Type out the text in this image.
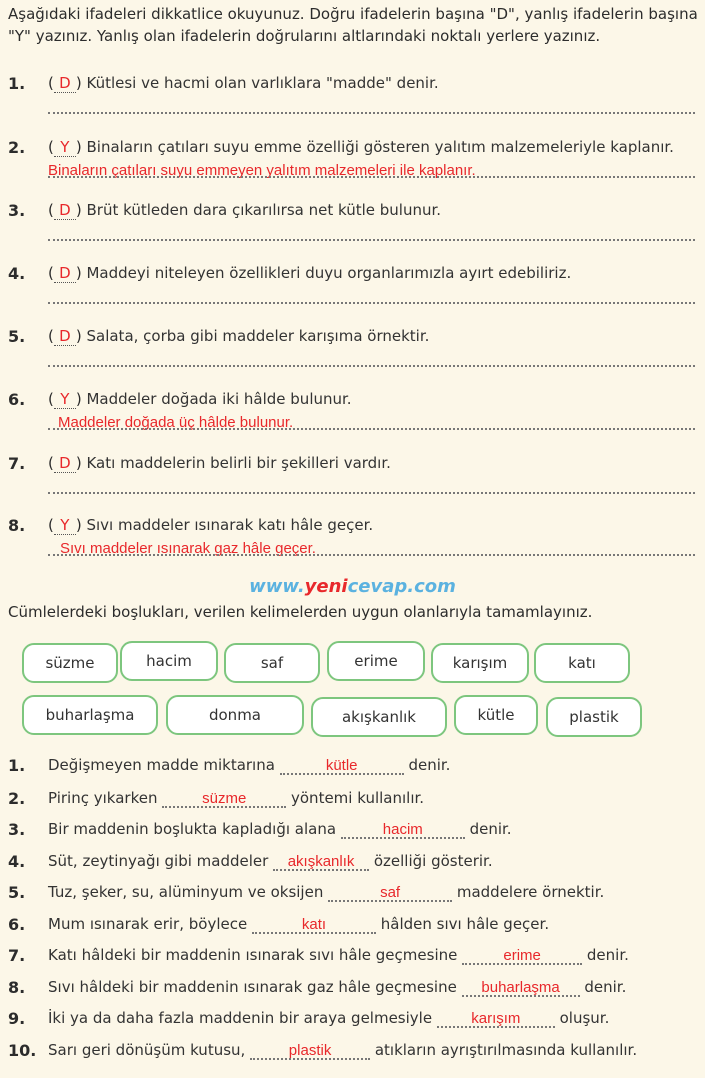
Aşağıdaki ifadeleri dikkatlice okuyunuz. Doğru ifadelerin başına "D", yanlış ifadelerin başına "Y" yazınız. Yanlış olan ifadelerin doğrularını altlarındaki noktalı yerlere yazınız.
1. ( D ) Kütlesi ve hacmi olan varlıklara "madde" denir.
2. ( Y ) Binaların çatıları suyu emme özelliği gösteren yalıtım malzemeleriyle kaplanır.
Binaların çatıları suyu emmeyen yalıtım malzemeleri ile kaplanır.
3. ( D ) Brüt kütleden dara çıkarılırsa net kütle bulunur.
4. ( D ) Maddeyi niteleyen özellikleri duyu organlarımızla ayırt edebiliriz.
5. ( D ) Salata, çorba gibi maddeler karışıma örnektir.
6. ( Y ) Maddeler doğada iki hâlde bulunur.
Maddeler doğada üç hâlde bulunur.
7. ( D ) Katı maddelerin belirli bir şekilleri vardır.
8. ( Y ) Sıvı maddeler ısınarak katı hâle geçer.
Sıvı maddeler ısınarak gaz hâle geçer.
www.yenicevap.com
Cümlelerdeki boşlukları, verilen kelimelerden uygun olanlarıyla tamamlayınız.
süzme	hacim	saf	erime	karışım	katı
buharlaşma	donma	akışkanlık	kütle	plastik
1. Değişmeyen madde miktarına	kütle	denir.
2. Pirinç yıkarken	süzme	yöntemi kullanılır.
3. Bir maddenin boşlukta kapladığı alana	hacim	denir.
4. Süt, zeytinyağı gibi maddeler akışkanlık özelliği gösterir.
5. Tuz, şeker, su, alüminyum ve oksijen	saf	maddelere örnektir.
6. Mum ısınarak erir, böylece	katı	hâlden sıvı hâle geçer.
7. Katı hâldeki bir maddenin ısınarak sıvı hâle geçmesine	erime	denir.
8. Sıvı hâldeki bir maddenin ısınarak gaz hâle geçmesine buharlaşma denir.
9. İki ya da daha fazla maddenin bir araya gelmesiyle karışım oluşur.
10. Sarı geri dönüşüm kutusu,	plastik	atıkların ayrıştırılmasında kullanılır.
